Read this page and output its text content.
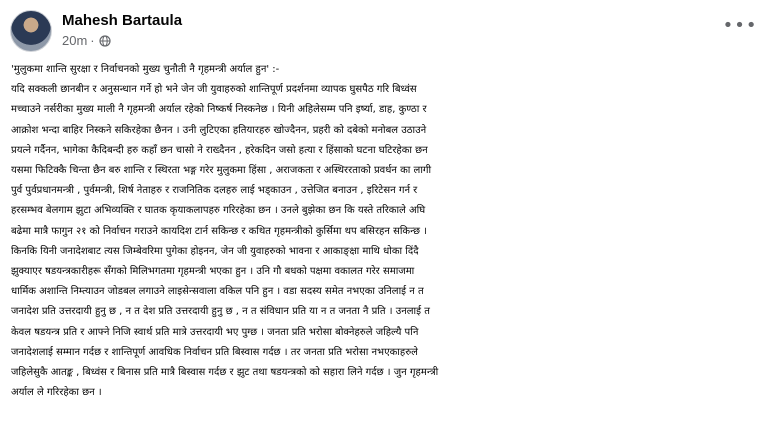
Mahesh Bartaula
20m ·
•••

'मुलुकमा शान्ति सुरक्षा र निर्वाचनको मुख्य चुनौती नै गृहमन्त्री अर्याल हुन' :-

यदि सक्कली छानबीन र अनुसन्धान गर्ने हो भने जेन जी युवाहरुको शान्तिपूर्ण प्रदर्शनमा व्यापक घुसपैठ गरि बिध्वंस

मच्चाउने नर्सरीका मुख्य माली नै गृहमन्त्री अर्याल रहेको निष्कर्ष निस्कनेछ । यिनी अहिलेसम्म पनि इर्ष्या, डाह, कुण्ठा र

आक्रोश भन्दा बाहिर निस्कने सकिरहेका छैनन । उनी लुटिएका हतियारहरु खोज्दैनन, प्रहरी को दबेको मनोबल उठाउने

प्रयत्ने गर्दैनन, भागेका कैदिबन्दी हरु कहाँ छन चासो ने राख्दैनन , हरेकदिन जसो हत्या र हिंसाको घटना घटिरहेका छन

यसमा फिटिक्कै चिन्ता छैन बरु शान्ति र स्थिरता भङ्ग गरेर मुलुकमा हिंसा , अराजकता र अस्थिररताको प्रवर्धन का लागी

पुर्व पुर्वप्रधानमन्त्री , पुर्वमन्त्री, शिर्ष नेताहरु र राजनितिक दलहरु लाई भड्काउन , उत्तेजित बनाउन , इरिटेसन गर्न र

हरसम्भव बेलगाम झुटा अभिव्यक्ति र घातक कृयाकलापहरु गरिरहेका छन । उनले बुझेका छन कि यस्ते तरिकाले अघि

बढेमा मात्रै फागुन २१ को निर्वाचन गराउने कायदिश टार्न सकिन्छ र कथित गृहमन्त्रीको कुर्सिमा थप बसिरहन सकिन्छ ।

किनकि यिनी जनादेशबाट त्यस जिम्बेवरिमा पुगेका होइनन, जेन जी युवाहरुको भावना र आकाङ्क्षा माथि धोका दिंदै

झुक्याएर षडयन्त्रकारीहरू सँगको मिलिभगतमा गृहमन्त्री भएका हुन । उनि गौ बधको पक्षमा वकालत गरेर समाजमा

धार्मिक अशान्ति निम्त्याउन जोडबल लगाउने लाइसेन्सवाला वकिल पनि हुन । वडा सदस्य समेत नभएका उनिलाई न त

जनादेश प्रति उत्तरदायी हुनु छ , न त देश प्रति उत्तरदायी हुनु छ , न त संविधान प्रति या न त जनता नै प्रति । उनलाई त

केवल षडयन्त्र प्रति र आफ्ने निजि स्वार्थ प्रति मात्रे उत्तरदायी भए पुग्छ । जनता प्रति भरोसा बोक्नेहरुले जहिल्यै पनि

जनादेशलाई सम्मान गर्दछ र शान्तिपूर्ण आवधिक निर्वाचन प्रति बिस्वास गर्दछ । तर जनता प्रति भरोसा नभएकाहरुले

जहिलेसुकै आतङ्क , बिध्वंस र बिनास प्रति मात्रै बिस्वास गर्दछ र झुट तथा षडयन्त्रको को सहारा लिने गर्दछ । जुन गृहमन्त्री

अर्याल ले गरिरहेका छन ।
